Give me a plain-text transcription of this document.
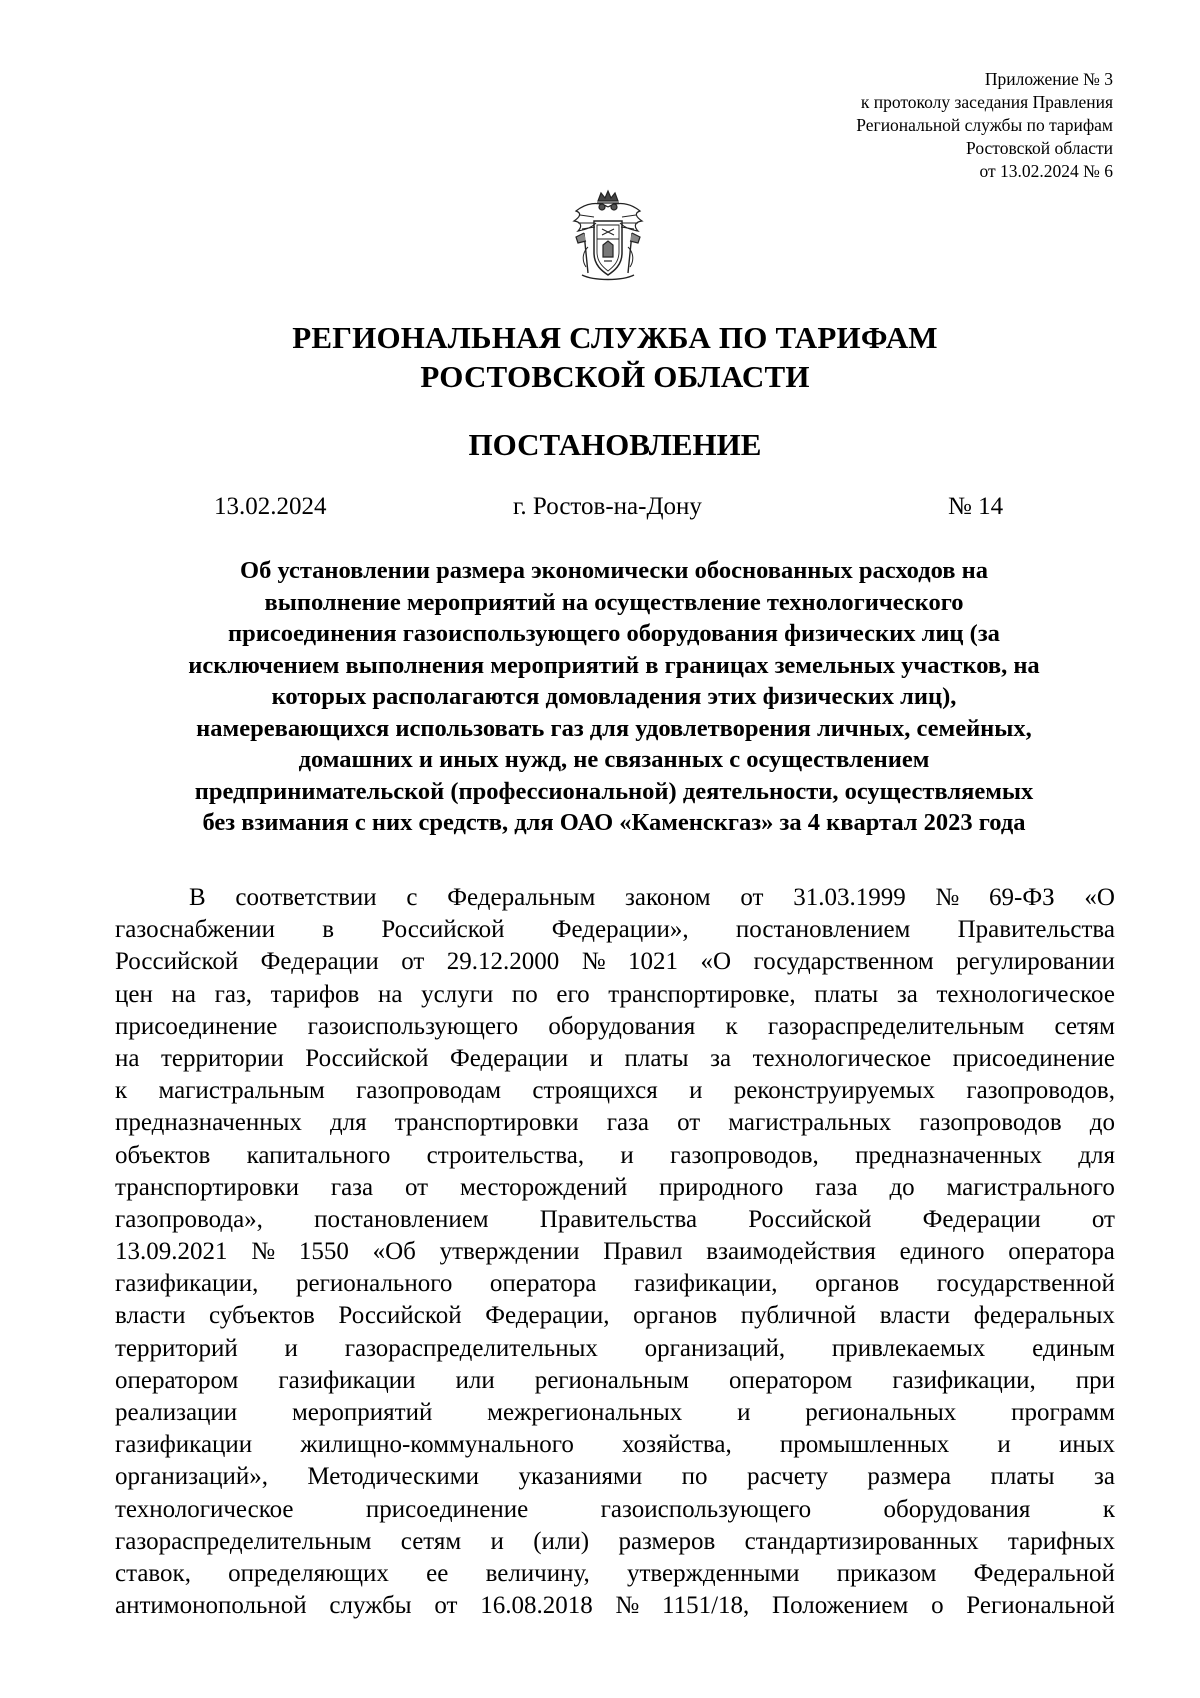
Приложение № 3
к протоколу заседания Правления
Региональной службы по тарифам
Ростовской области
от 13.02.2024 № 6
РЕГИОНАЛЬНАЯ СЛУЖБА ПО ТАРИФАМ
РОСТОВСКОЙ ОБЛАСТИ
ПОСТАНОВЛЕНИЕ
13.02.2024	г. Ростов-на-Дону	№ 14
Об установлении размера экономически обоснованных расходов на
выполнение мероприятий на осуществление технологического
присоединения газоиспользующего оборудования физических лиц (за
исключением выполнения мероприятий в границах земельных участков, на
которых располагаются домовладения этих физических лиц),
намеревающихся использовать газ для удовлетворения личных, семейных,
домашних и иных нужд, не связанных с осуществлением
предпринимательской (профессиональной) деятельности, осуществляемых
без взимания с них средств, для ОАО «Каменскгаз» за 4 квартал 2023 года
В соответствии с Федеральным законом от 31.03.1999 № 69-ФЗ «О
газоснабжении в Российской Федерации», постановлением Правительства
Российской Федерации от 29.12.2000 № 1021 «О государственном регулировании
цен на газ, тарифов на услуги по его транспортировке, платы за технологическое
присоединение газоиспользующего оборудования к газораспределительным сетям
на территории Российской Федерации и платы за технологическое присоединение
к магистральным газопроводам строящихся и реконструируемых газопроводов,
предназначенных для транспортировки газа от магистральных газопроводов до
объектов капитального строительства, и газопроводов, предназначенных для
транспортировки газа от месторождений природного газа до магистрального
газопровода», постановлением Правительства Российской Федерации от
13.09.2021 № 1550 «Об утверждении Правил взаимодействия единого оператора
газификации, регионального оператора газификации, органов государственной
власти субъектов Российской Федерации, органов публичной власти федеральных
территорий и газораспределительных организаций, привлекаемых единым
оператором газификации или региональным оператором газификации, при
реализации мероприятий межрегиональных и региональных программ
газификации жилищно-коммунального хозяйства, промышленных и иных
организаций», Методическими указаниями по расчету размера платы за
технологическое	присоединение	газоиспользующего	оборудования	к
газораспределительным сетям и (или) размеров стандартизированных тарифных
ставок, определяющих ее величину, утвержденными приказом Федеральной
антимонопольной службы от 16.08.2018 № 1151/18, Положением о Региональной
